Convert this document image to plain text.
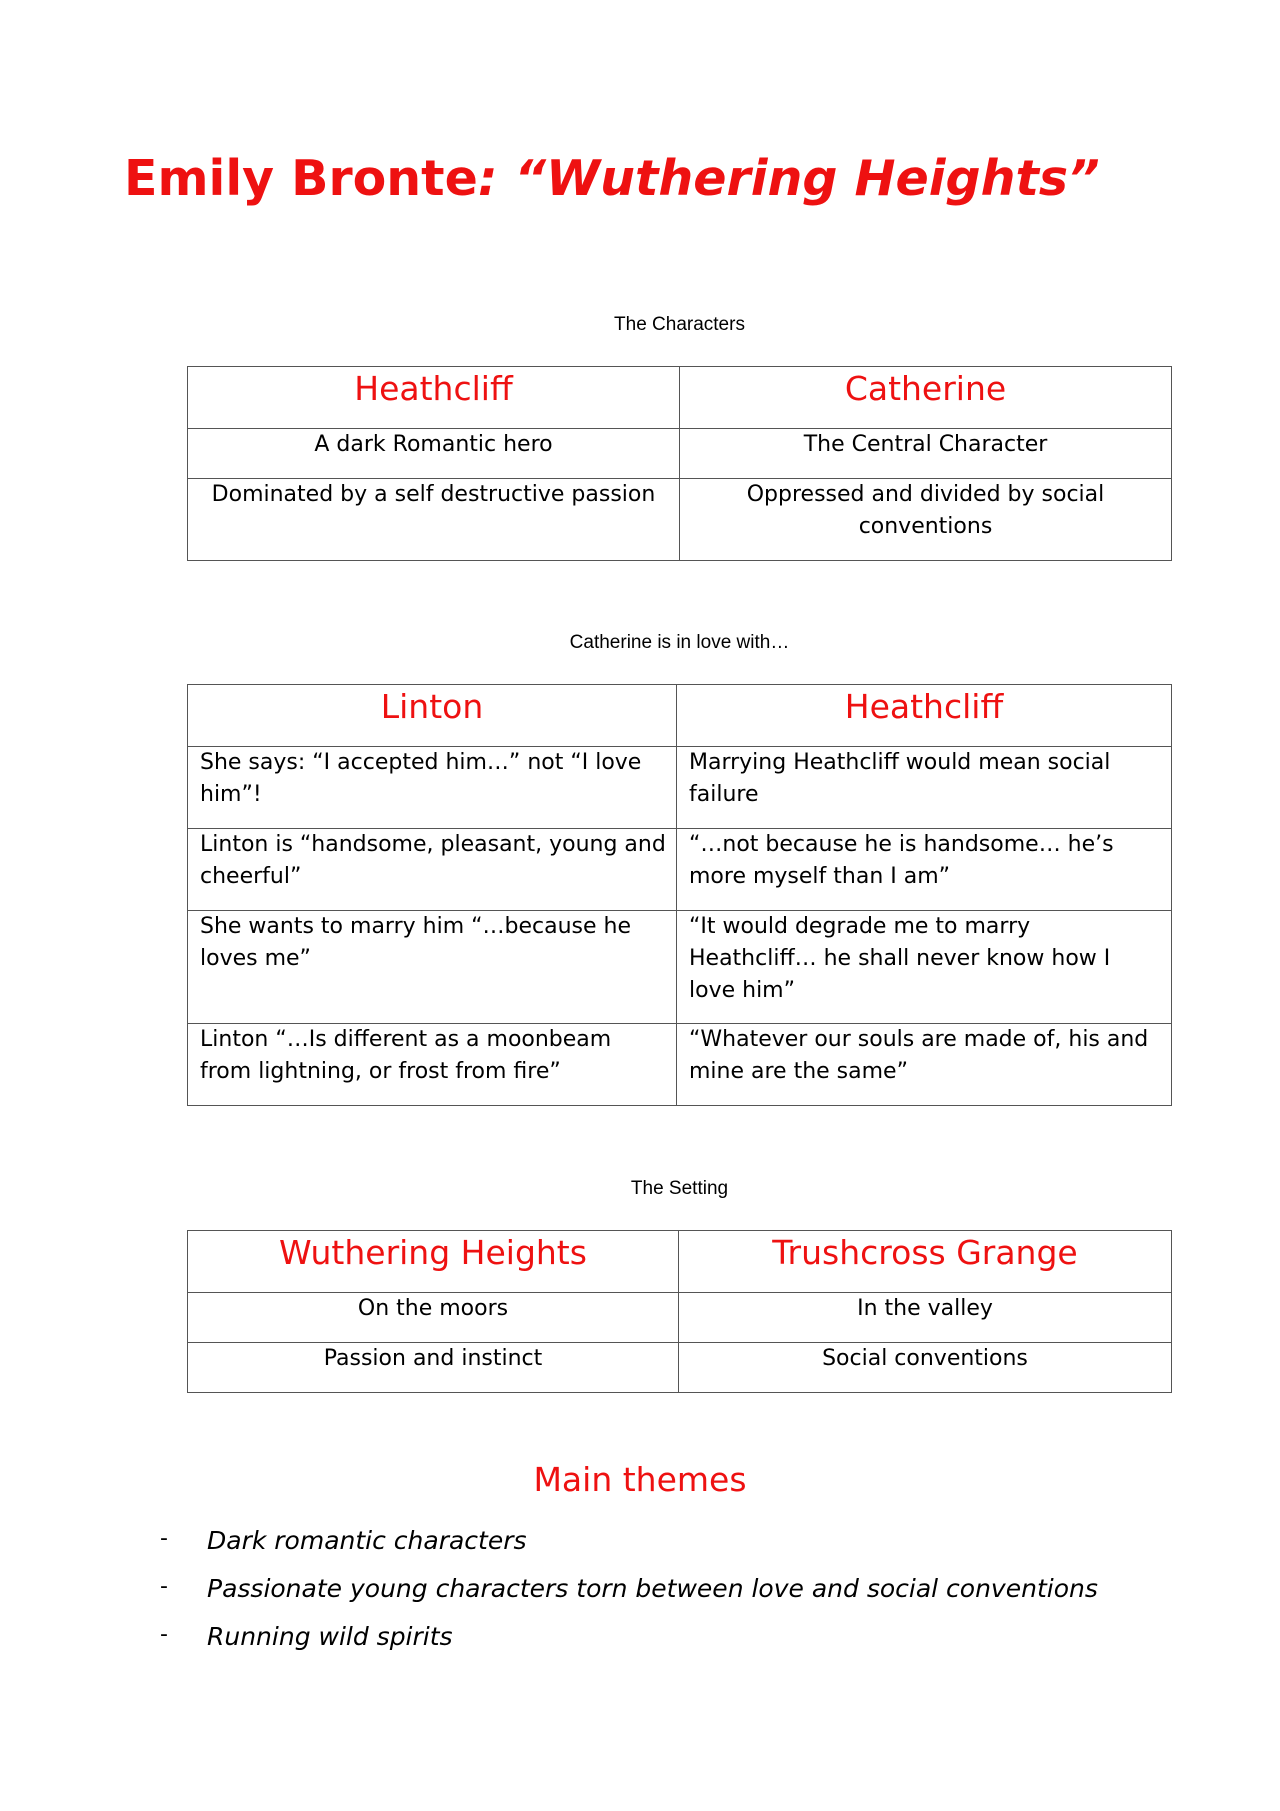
Emily Bronte: “Wuthering Heights”
The Characters
Heathcliff	Catherine
A dark Romantic hero	The Central Character
Dominated by a self destructive passion	Oppressed and divided by social conventions
Catherine is in love with…
Linton	Heathcliff
She says: “I accepted him…” not “I love him”!	Marrying Heathcliff would mean social failure
Linton is “handsome, pleasant, young and cheerful”	“…not because he is handsome… he’s more myself than I am”
She wants to marry him “…because he loves me”	“It would degrade me to marry Heathcliff… he shall never know how I love him”
Linton “…Is different as a moonbeam from lightning, or frost from fire”	“Whatever our souls are made of, his and mine are the same”
The Setting
Wuthering Heights	Trushcross Grange
On the moors	In the valley
Passion and instinct	Social conventions
Main themes
- Dark romantic characters
- Passionate young characters torn between love and social conventions
- Running wild spirits
